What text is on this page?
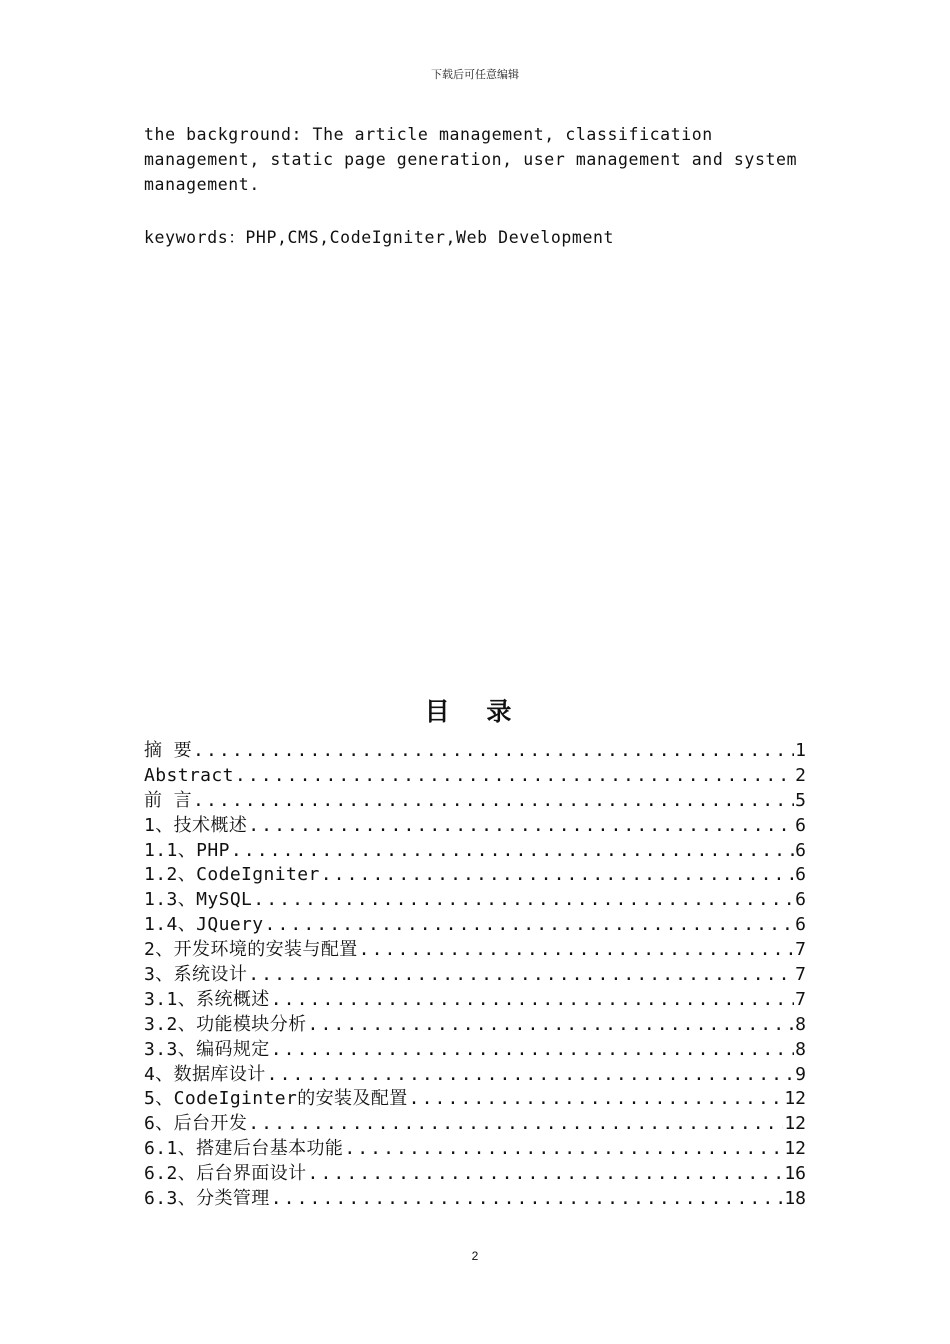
下载后可任意编辑
the background: The article management, classification
management, static page generation, user management and system
management.
keywords：PHP,CMS,CodeIgniter,Web Development
目 录
摘 要 .....	1
Abstract .....	2
前 言 .....	5
1、技术概述 .....	6
1.1、PHP .....	6
1.2、CodeIgniter .....	6
1.3、MySQL .....	6
1.4、JQuery .....	6
2、开发环境的安装与配置 .....	7
3、系统设计 .....	7
3.1、系统概述 .....	7
3.2、功能模块分析 .....	8
3.3、编码规定 .....	8
4、数据库设计 .....	9
5、CodeIginter的安装及配置 .....	12
6、后台开发 .....	12
6.1、搭建后台基本功能 .....	12
6.2、后台界面设计 .....	16
6.3、分类管理 .....	18
2
